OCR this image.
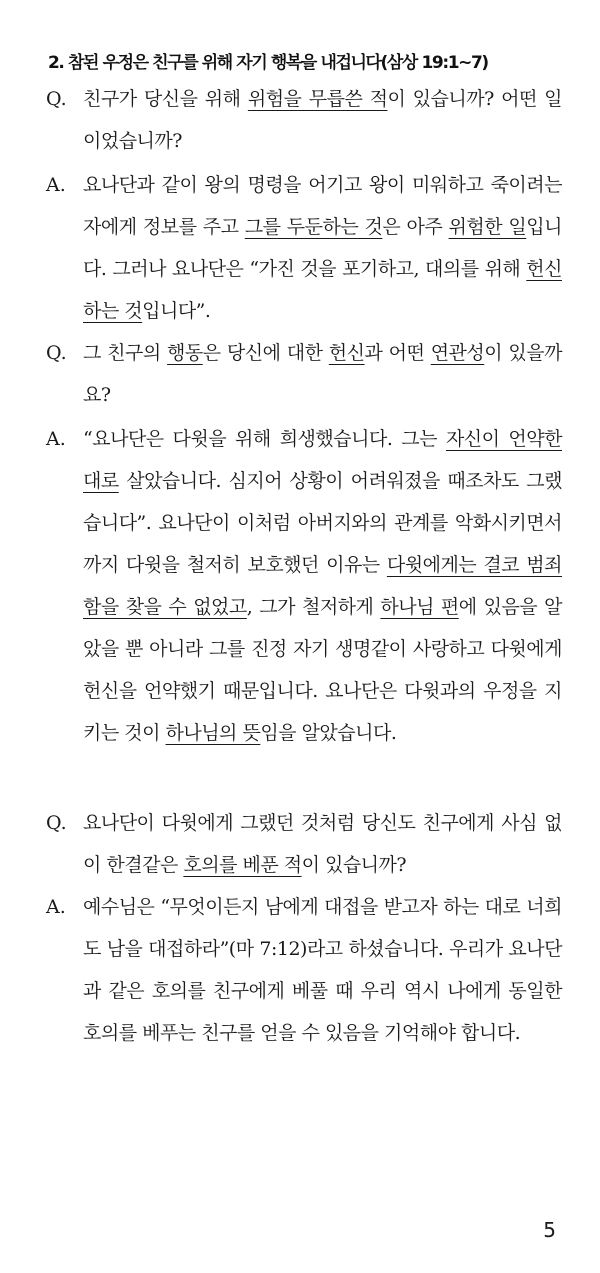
2. 참된 우정은 친구를 위해 자기 행복을 내겁니다(삼상 19:1~7)
Q. 친구가 당신을 위해 위험을 무릅쓴 적이 있습니까? 어떤 일이었습니까?
A. 요나단과 같이 왕의 명령을 어기고 왕이 미워하고 죽이려는 자에게 정보를 주고 그를 두둔하는 것은 아주 위험한 일입니다. 그러나 요나단은 “가진 것을 포기하고, 대의를 위해 헌신하는 것입니다”.
Q. 그 친구의 행동은 당신에 대한 헌신과 어떤 연관성이 있을까요?
A. “요나단은 다윗을 위해 희생했습니다. 그는 자신이 언약한 대로 살았습니다. 심지어 상황이 어려워졌을 때조차도 그랬습니다”. 요나단이 이처럼 아버지와의 관계를 악화시키면서까지 다윗을 철저히 보호했던 이유는 다윗에게는 결코 범죄함을 찾을 수 없었고, 그가 철저하게 하나님 편에 있음을 알았을 뿐 아니라 그를 진정 자기 생명같이 사랑하고 다윗에게 헌신을 언약했기 때문입니다. 요나단은 다윗과의 우정을 지키는 것이 하나님의 뜻임을 알았습니다.
Q. 요나단이 다윗에게 그랬던 것처럼 당신도 친구에게 사심 없이 한결같은 호의를 베푼 적이 있습니까?
A. 예수님은 “무엇이든지 남에게 대접을 받고자 하는 대로 너희도 남을 대접하라”(마 7:12)라고 하셨습니다. 우리가 요나단과 같은 호의를 친구에게 베풀 때 우리 역시 나에게 동일한 호의를 베푸는 친구를 얻을 수 있음을 기억해야 합니다.
5
